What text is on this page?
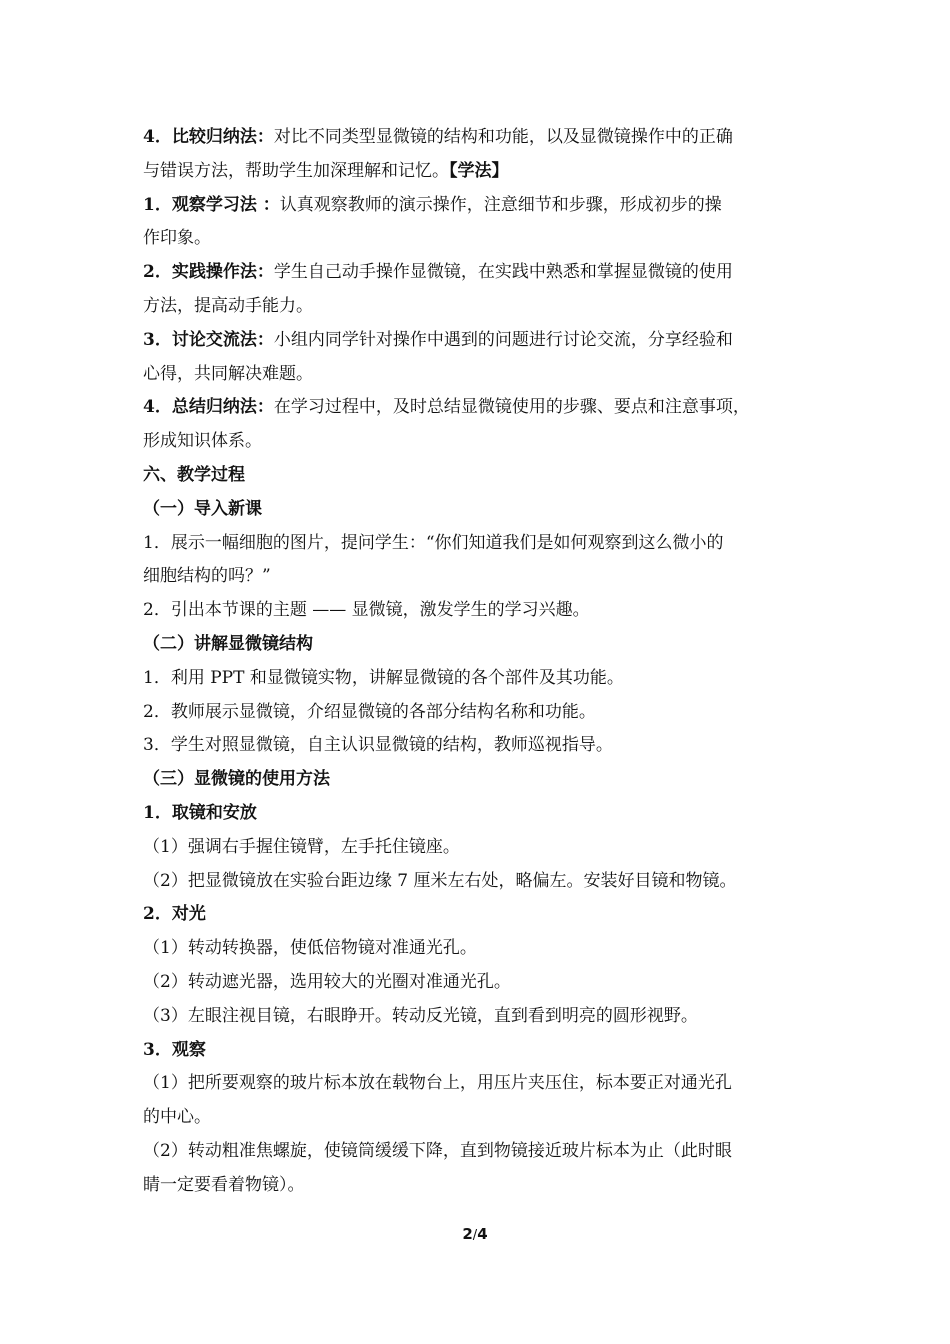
4．比较归纳法：对比不同类型显微镜的结构和功能，以及显微镜操作中的正确
与错误方法，帮助学生加深理解和记忆。【学法】
1．观察学习法 ：认真观察教师的演示操作，注意细节和步骤，形成初步的操
作印象。
2．实践操作法：学生自己动手操作显微镜，在实践中熟悉和掌握显微镜的使用
方法，提高动手能力。
3．讨论交流法：小组内同学针对操作中遇到的问题进行讨论交流，分享经验和
心得，共同解决难题。
4．总结归纳法：在学习过程中，及时总结显微镜使用的步骤、要点和注意事项，
形成知识体系。
六、教学过程
（一）导入新课
1．展示一幅细胞的图片，提问学生：“你们知道我们是如何观察到这么微小的
细胞结构的吗？”
2．引出本节课的主题 —— 显微镜，激发学生的学习兴趣。
（二）讲解显微镜结构
1．利用 PPT 和显微镜实物，讲解显微镜的各个部件及其功能。
2．教师展示显微镜，介绍显微镜的各部分结构名称和功能。
3．学生对照显微镜，自主认识显微镜的结构，教师巡视指导。
（三）显微镜的使用方法
1．取镜和安放
（1）强调右手握住镜臂，左手托住镜座。
（2）把显微镜放在实验台距边缘 7 厘米左右处，略偏左。安装好目镜和物镜。
2．对光
（1）转动转换器，使低倍物镜对准通光孔。
（2）转动遮光器，选用较大的光圈对准通光孔。
（3）左眼注视目镜，右眼睁开。转动反光镜，直到看到明亮的圆形视野。
3．观察
（1）把所要观察的玻片标本放在载物台上，用压片夹压住，标本要正对通光孔
的中心。
（2）转动粗准焦螺旋，使镜筒缓缓下降，直到物镜接近玻片标本为止（此时眼
睛一定要看着物镜）。
2/4
